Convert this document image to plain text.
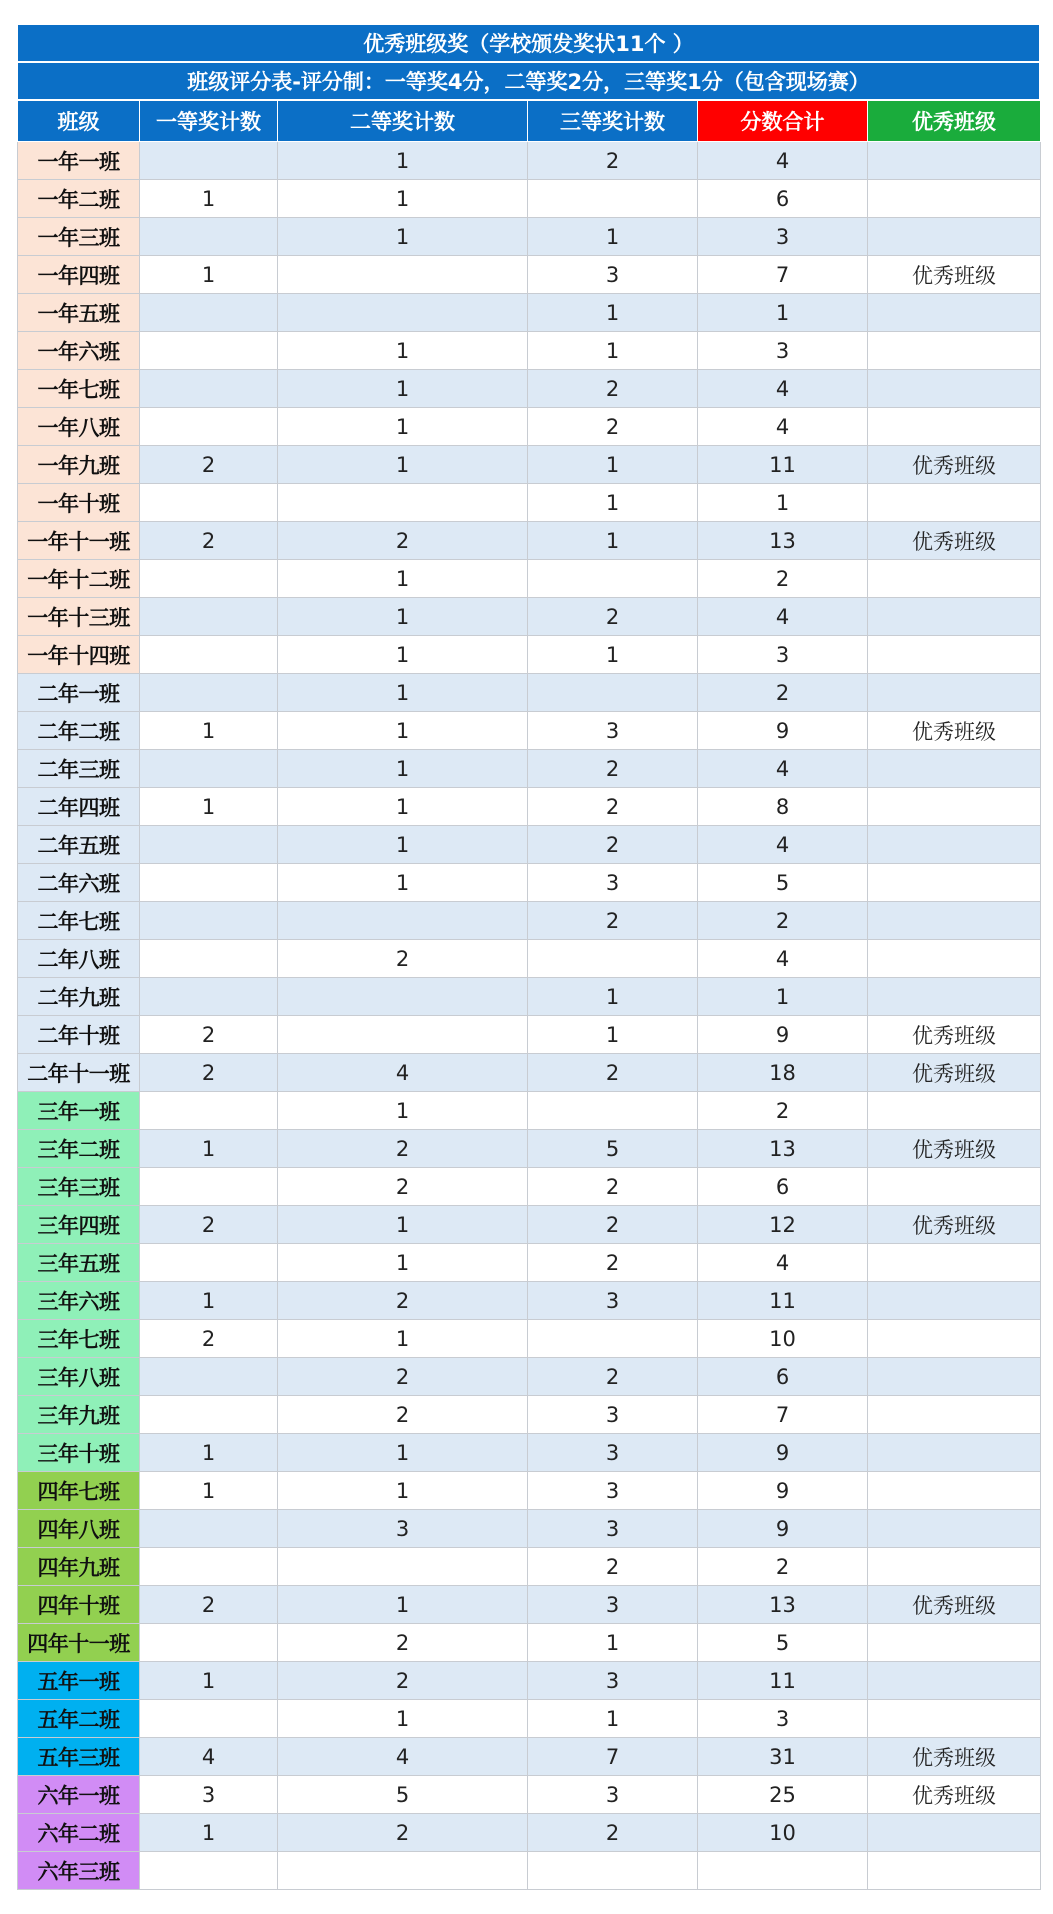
优秀班级奖（学校颁发奖状11个 ）
班级评分表-评分制：一等奖4分，二等奖2分，三等奖1分（包含现场赛）
班级	一等奖计数	二等奖计数	三等奖计数	分数合计	优秀班级
一年一班		1	2	4	
一年二班	1	1		6	
一年三班		1	1	3	
一年四班	1		3	7	优秀班级
一年五班			1	1	
一年六班		1	1	3	
一年七班		1	2	4	
一年八班		1	2	4	
一年九班	2	1	1	11	优秀班级
一年十班			1	1	
一年十一班	2	2	1	13	优秀班级
一年十二班		1		2	
一年十三班		1	2	4	
一年十四班		1	1	3	
二年一班		1		2	
二年二班	1	1	3	9	优秀班级
二年三班		1	2	4	
二年四班	1	1	2	8	
二年五班		1	2	4	
二年六班		1	3	5	
二年七班			2	2	
二年八班		2		4	
二年九班			1	1	
二年十班	2		1	9	优秀班级
二年十一班	2	4	2	18	优秀班级
三年一班		1		2	
三年二班	1	2	5	13	优秀班级
三年三班		2	2	6	
三年四班	2	1	2	12	优秀班级
三年五班		1	2	4	
三年六班	1	2	3	11	
三年七班	2	1		10	
三年八班		2	2	6	
三年九班		2	3	7	
三年十班	1	1	3	9	
四年七班	1	1	3	9	
四年八班		3	3	9	
四年九班			2	2	
四年十班	2	1	3	13	优秀班级
四年十一班		2	1	5	
五年一班	1	2	3	11	
五年二班		1	1	3	
五年三班	4	4	7	31	优秀班级
六年一班	3	5	3	25	优秀班级
六年二班	1	2	2	10	
六年三班					
